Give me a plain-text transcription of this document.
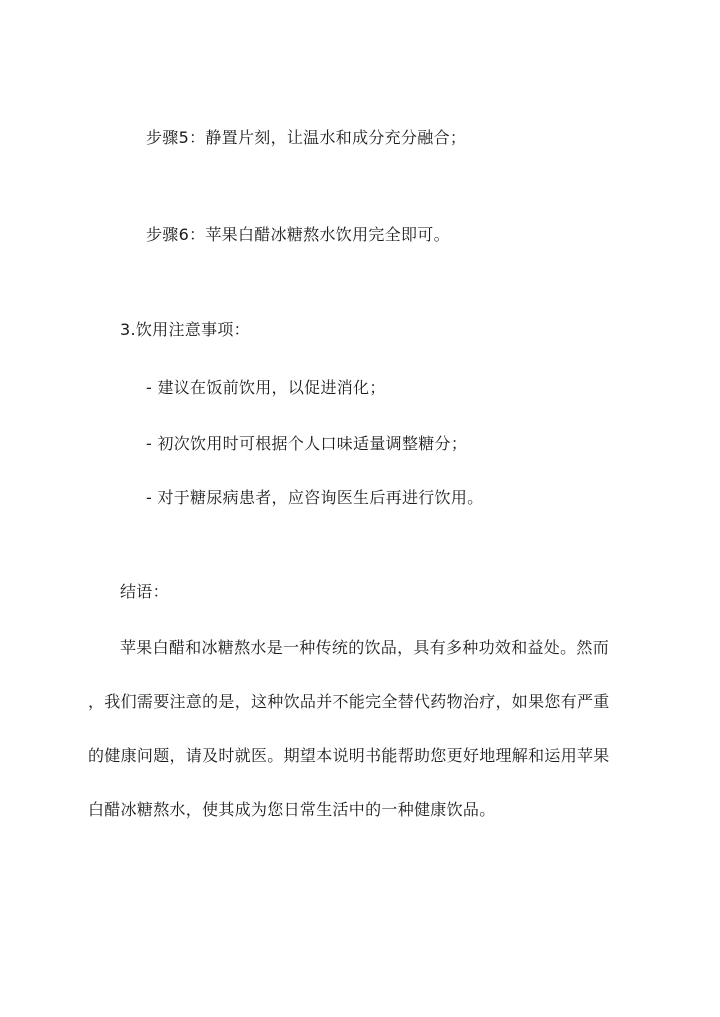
步骤5：静置片刻，让温水和成分充分融合；
步骤6：苹果白醋冰糖熬水饮用完全即可。
3.饮用注意事项：
- 建议在饭前饮用，以促进消化；
- 初次饮用时可根据个人口味适量调整糖分；
- 对于糖尿病患者，应咨询医生后再进行饮用。
结语：
苹果白醋和冰糖熬水是一种传统的饮品，具有多种功效和益处。然而
，我们需要注意的是，这种饮品并不能完全替代药物治疗，如果您有严重
的健康问题，请及时就医。期望本说明书能帮助您更好地理解和运用苹果
白醋冰糖熬水，使其成为您日常生活中的一种健康饮品。
